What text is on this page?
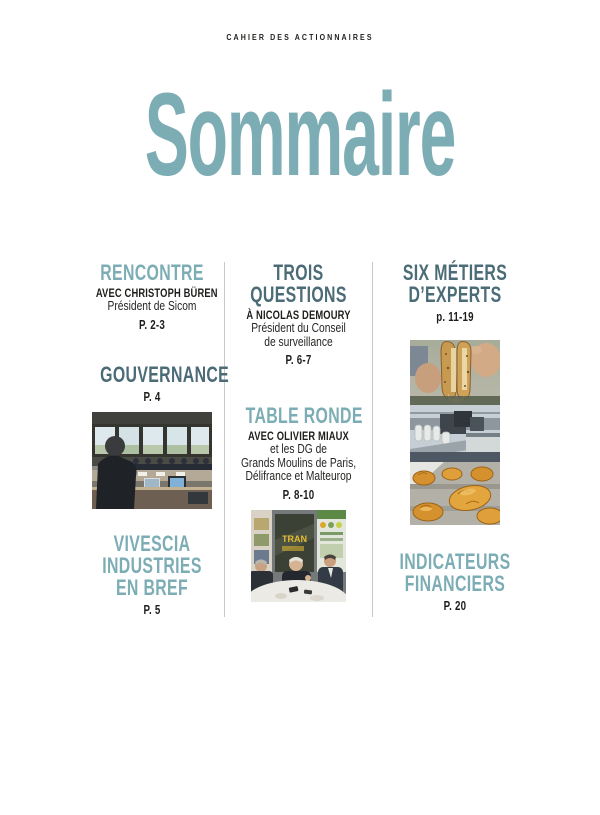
CAHIER DES ACTIONNAIRES
Sommaire
RENCONTRE
AVEC CHRISTOPH BÜREN
Président de Sicom
P. 2-3
GOUVERNANCE
P. 4
VIVESCIA
INDUSTRIES
EN BREF
P. 5
TROIS
QUESTIONS
À NICOLAS DEMOURY
Président du Conseil
de surveillance
P. 6-7
TABLE RONDE
AVEC OLIVIER MIAUX
et les DG de
Grands Moulins de Paris,
Délifrance et Malteurop
P. 8-10
TRAN
SIX MÉTIERS
D’EXPERTS
p. 11-19
INDICATEURS
FINANCIERS
P. 20
